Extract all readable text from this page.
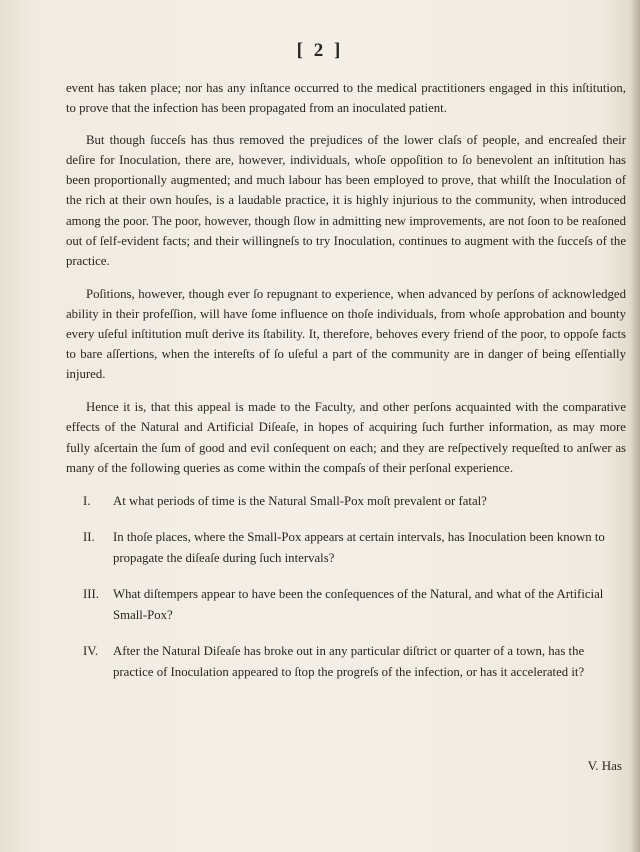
[ 2 ]

event has taken place; nor has any inſtance occurred to the medical practitioners engaged in this inſtitution, to prove that the infection has been propagated from an inoculated patient.

But though ſucceſs has thus removed the prejudices of the lower claſs of people, and encreaſed their deſire for Inoculation, there are, however, individuals, whoſe oppoſition to ſo benevolent an inſtitution has been proportionally augmented; and much labour has been employed to prove, that whilſt the Inoculation of the rich at their own houſes, is a laudable practice, it is highly injurious to the community, when introduced among the poor. The poor, however, though ſlow in admitting new improvements, are not ſoon to be reaſoned out of ſelf-evident facts; and their willingneſs to try Inoculation, continues to augment with the ſucceſs of the practice.

Poſitions, however, though ever ſo repugnant to experience, when advanced by perſons of acknowledged ability in their profeſſion, will have ſome influence on thoſe individuals, from whoſe approbation and bounty every uſeful inſtitution muſt derive its ſtability. It, therefore, behoves every friend of the poor, to oppoſe facts to bare aſſertions, when the intereſts of ſo uſeful a part of the community are in danger of being eſſentially injured.

Hence it is, that this appeal is made to the Faculty, and other perſons acquainted with the comparative effects of the Natural and Artificial Diſeaſe, in hopes of acquiring ſuch further information, as may more fully aſcertain the ſum of good and evil conſequent on each; and they are reſpectively requeſted to anſwer as many of the following queries as come within the compaſs of their perſonal experience.

I. At what periods of time is the Natural Small-Pox moſt prevalent or fatal?
II. In thoſe places, where the Small-Pox appears at certain intervals, has Inoculation been known to propagate the diſeaſe during ſuch intervals?
III. What diſtempers appear to have been the conſequences of the Natural, and what of the Artificial Small-Pox?
IV. After the Natural Diſeaſe has broke out in any particular diſtrict or quarter of a town, has the practice of Inoculation appeared to ſtop the progreſs of the infection, or has it accelerated it?
V. Has
